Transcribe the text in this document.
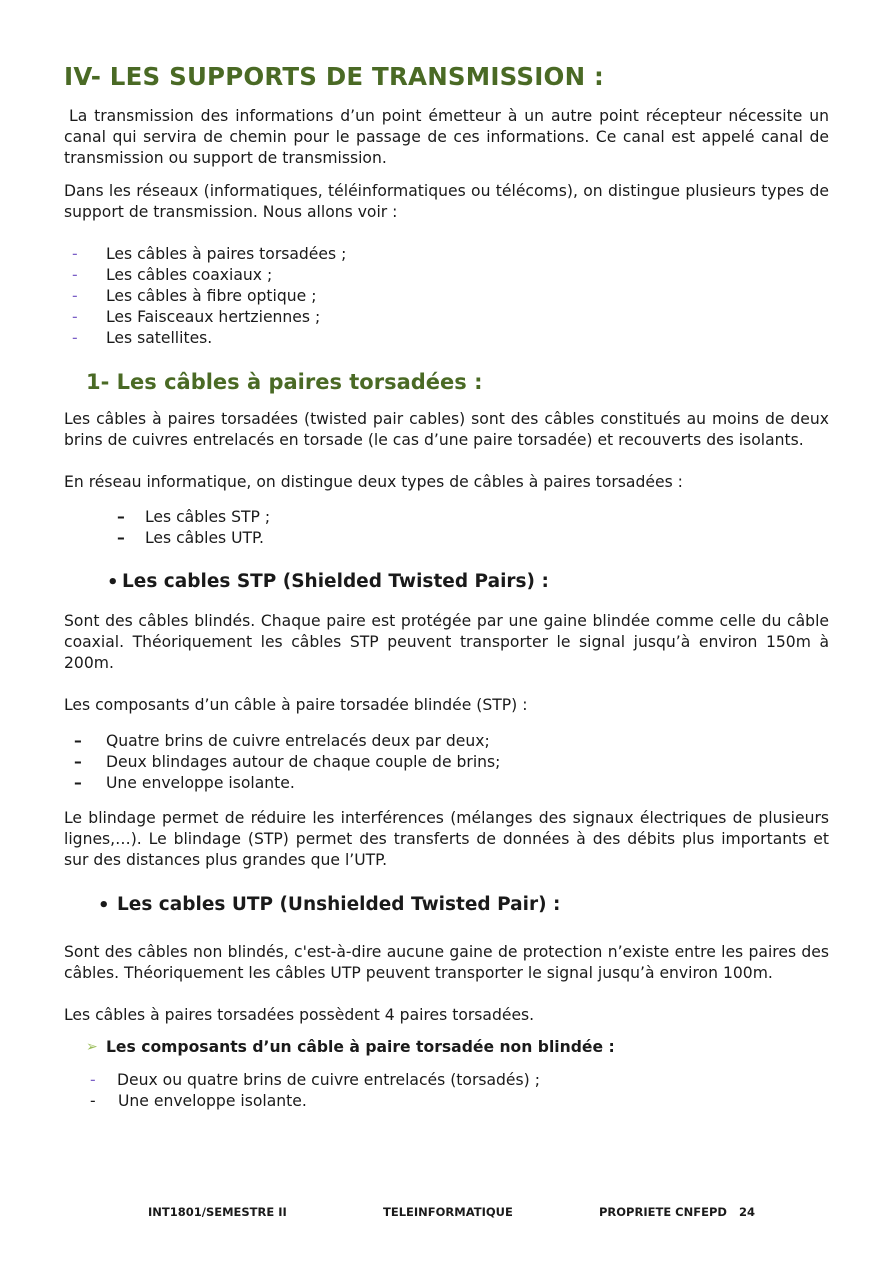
IV- LES SUPPORTS DE TRANSMISSION :

La transmission des informations d’un point émetteur à un autre point récepteur nécessite un canal qui servira de chemin pour le passage de ces informations. Ce canal est appelé canal de transmission ou support de transmission.

Dans les réseaux (informatiques, téléinformatiques ou télécoms), on distingue plusieurs types de support de transmission. Nous allons voir :

- Les câbles à paires torsadées ;
- Les câbles coaxiaux ;
- Les câbles à fibre optique ;
- Les Faisceaux hertziennes ;
- Les satellites.
1- Les câbles à paires torsadées :

Les câbles à paires torsadées (twisted pair cables) sont des câbles constitués au moins de deux brins de cuivres entrelacés en torsade (le cas d’une paire torsadée) et recouverts des isolants.

En réseau informatique, on distingue deux types de câbles à paires torsadées :

– Les câbles STP ;
– Les câbles UTP.
• Les cables STP (Shielded Twisted Pairs) :

Sont des câbles blindés. Chaque paire est protégée par une gaine blindée comme celle du câble coaxial. Théoriquement les câbles STP peuvent transporter le signal jusqu’à environ 150m à 200m.

Les composants d’un câble à paire torsadée blindée (STP) :

– Quatre brins de cuivre entrelacés deux par deux;
– Deux blindages autour de chaque couple de brins;
– Une enveloppe isolante.

Le blindage permet de réduire les interférences (mélanges des signaux électriques de plusieurs lignes,…). Le blindage (STP) permet des transferts de données à des débits plus importants et sur des distances plus grandes que l’UTP.

• Les cables UTP (Unshielded Twisted Pair) :

Sont des câbles non blindés, c'est-à-dire aucune gaine de protection n’existe entre les paires des câbles. Théoriquement les câbles UTP peuvent transporter le signal jusqu’à environ 100m.

Les câbles à paires torsadées possèdent 4 paires torsadées.

➢ Les composants d’un câble à paire torsadée non blindée :

- Deux ou quatre brins de cuivre entrelacés (torsadés) ;
- Une enveloppe isolante.
INT1801/SEMESTRE II	TELEINFORMATIQUE	PROPRIETE CNFEPD 24
